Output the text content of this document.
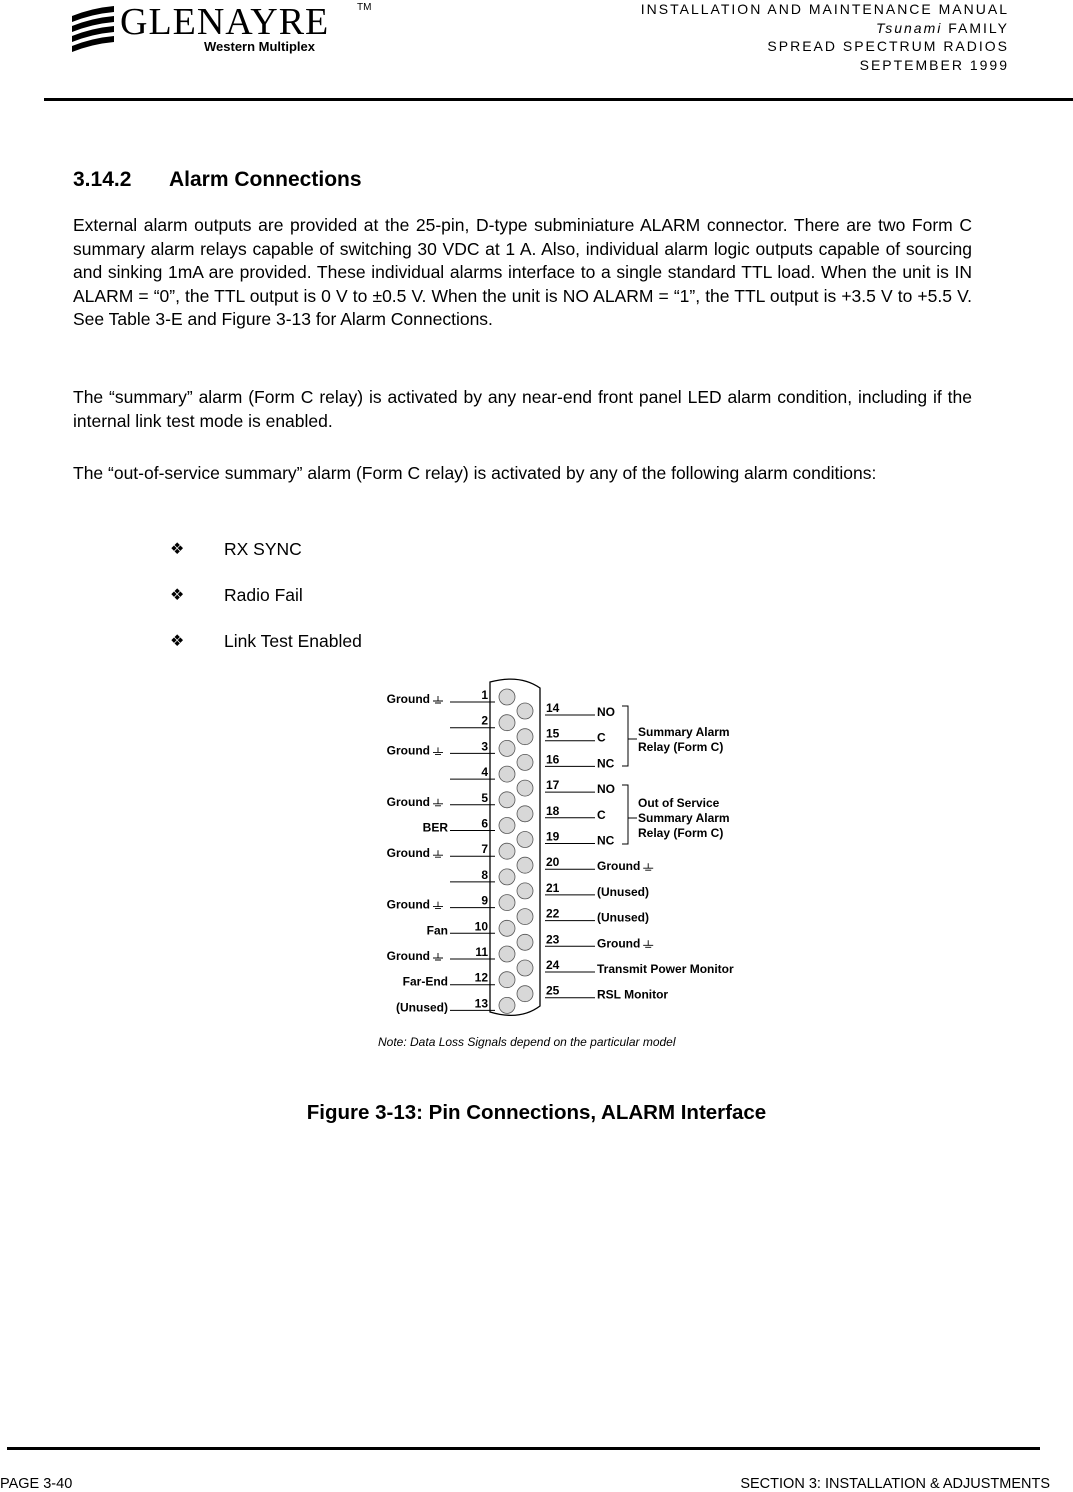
GLENAYRE	TM
Western Multiplex
INSTALLATION AND MAINTENANCE MANUAL
Tsunami FAMILY
SPREAD SPECTRUM RADIOS
SEPTEMBER 1999
3.14.2 Alarm Connections
External alarm outputs are provided at the 25-pin, D-type subminiature ALARM connector. There are two Form C summary alarm relays capable of switching 30 VDC at 1 A. Also, individual alarm logic outputs capable of sourcing and sinking 1mA are provided. These individual alarms interface to a single standard TTL load. When the unit is IN ALARM = “0”, the TTL output is 0 V to ±0.5 V. When the unit is NO ALARM = “1”, the TTL output is +3.5 V to +5.5 V. See Table 3-E and Figure 3-13 for Alarm Connections.
The “summary” alarm (Form C relay) is activated by any near-end front panel LED alarm condition, including if the internal link test mode is enabled.
The “out-of-service summary” alarm (Form C relay) is activated by any of the following alarm conditions:
❖	RX SYNC
❖	Radio Fail
❖	Link Test Enabled
1
Ground
2
3
Ground
4
5
Ground
6
BER
7
Ground
8
9
Ground
10
Fan
11
Ground
12
Far-End
13
(Unused)
14	NO
15	C
16	NC
17	NO
18	C
19	NC
20	Ground
21	(Unused)
22	(Unused)
23	Ground
24	Transmit Power Monitor
25	RSL Monitor
Summary Alarm
Relay (Form C)
Out of Service
Summary Alarm
Relay (Form C)
Note: Data Loss Signals depend on the particular model
Figure 3-13: Pin Connections, ALARM Interface
PAGE 3-40	SECTION 3: INSTALLATION & ADJUSTMENTS
